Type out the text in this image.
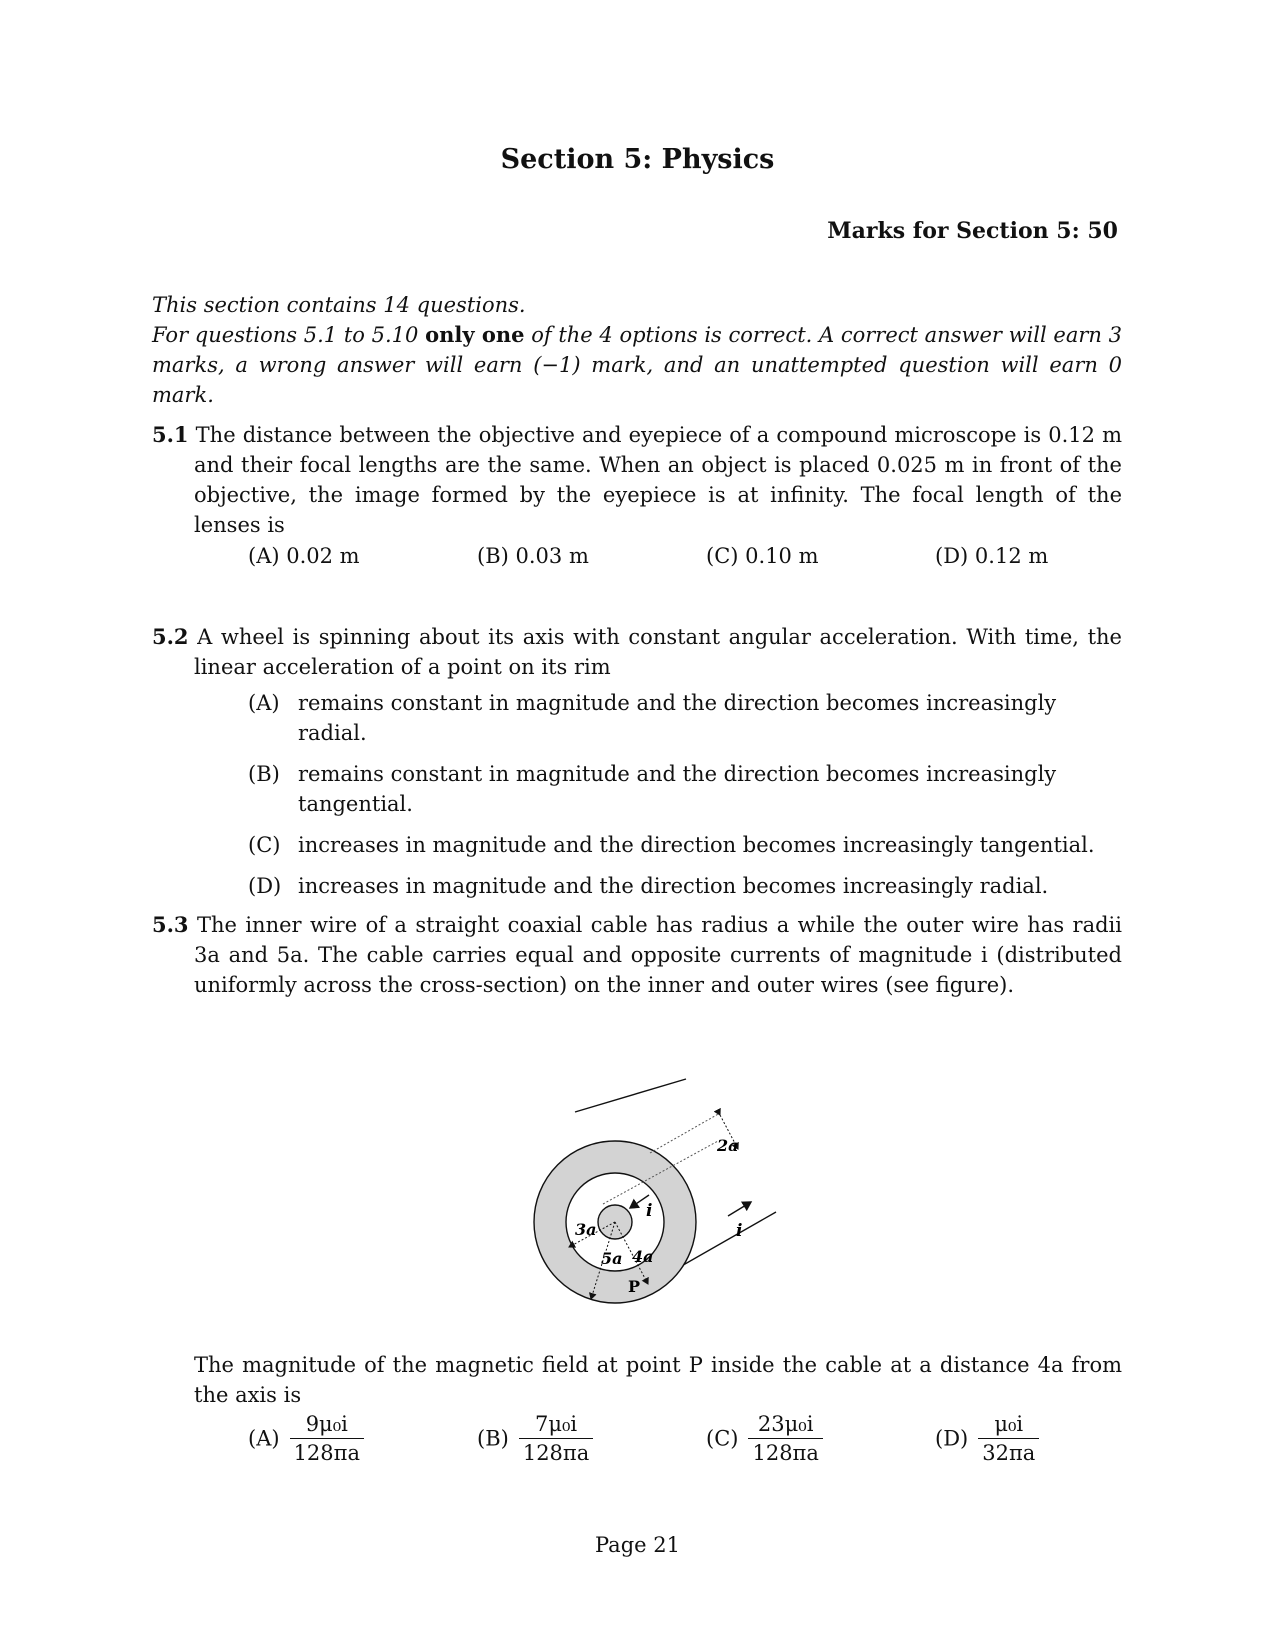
Section 5: Physics
Marks for Section 5: 50
This section contains 14 questions.
For questions 5.1 to 5.10 only one of the 4 options is correct. A correct answer will earn 3 marks, a wrong answer will earn (−1) mark, and an unattempted question will earn 0 mark.
5.1 The distance between the objective and eyepiece of a compound microscope is 0.12 m and their focal lengths are the same. When an object is placed 0.025 m in front of the objective, the image formed by the eyepiece is at infinity. The focal length of the lenses is
(A) 0.02 m	(B) 0.03 m	(C) 0.10 m	(D) 0.12 m
5.2 A wheel is spinning about its axis with constant angular acceleration. With time, the linear acceleration of a point on its rim
(A) remains constant in magnitude and the direction becomes increasingly radial.
(B) remains constant in magnitude and the direction becomes increasingly tangential.
(C) increases in magnitude and the direction becomes increasingly tangential.
(D) increases in magnitude and the direction becomes increasingly radial.
5.3 The inner wire of a straight coaxial cable has radius a while the outer wire has radii 3a and 5a. The cable carries equal and opposite currents of magnitude i (distributed uniformly across the cross-section) on the inner and outer wires (see figure).
2a
i
i
3a
5a 4a
P
The magnitude of the magnetic field at point P inside the cable at a distance 4a from the axis is
$(A) \frac{\text{9μ₀i}}{128\pi a}$	$(B) \frac{\text{7μ₀i}}{128\pi a}$	$(C) \frac{\text{23μ₀i}}{128\pi a}$	$(D) \frac{\text{μ₀i}}{32\pi a}$
Page 21
